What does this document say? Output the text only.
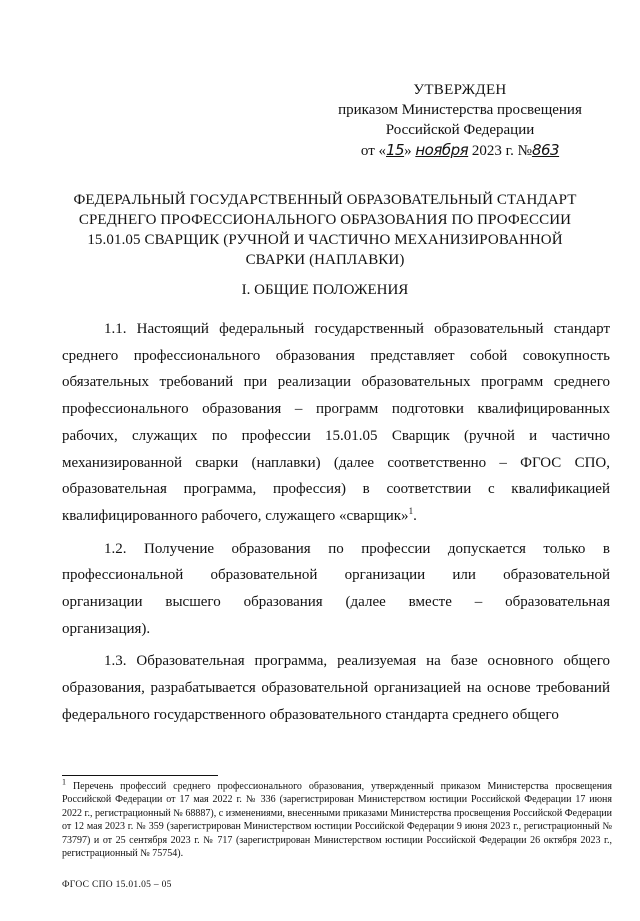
УТВЕРЖДЕН
приказом Министерства просвещения
Российской Федерации
от «15» ноября 2023 г. №863
ФЕДЕРАЛЬНЫЙ ГОСУДАРСТВЕННЫЙ ОБРАЗОВАТЕЛЬНЫЙ СТАНДАРТ СРЕДНЕГО ПРОФЕССИОНАЛЬНОГО ОБРАЗОВАНИЯ ПО ПРОФЕССИИ 15.01.05 СВАРЩИК (РУЧНОЙ И ЧАСТИЧНО МЕХАНИЗИРОВАННОЙ СВАРКИ (НАПЛАВКИ)
I. ОБЩИЕ ПОЛОЖЕНИЯ

1.1. Настоящий федеральный государственный образовательный стандарт среднего профессионального образования представляет собой совокупность обязательных требований при реализации образовательных программ среднего профессионального образования – программ подготовки квалифицированных рабочих, служащих по профессии 15.01.05 Сварщик (ручной и частично механизированной сварки (наплавки) (далее соответственно – ФГОС СПО, образовательная программа, профессия) в соответствии с квалификацией квалифицированного рабочего, служащего «сварщик»$^1$.

1.2. Получение образования по профессии допускается только в профессиональной образовательной организации или образовательной организации высшего образования (далее вместе – образовательная организация).

1.3. Образовательная программа, реализуемая на базе основного общего образования, разрабатывается образовательной организацией на основе требований федерального государственного образовательного стандарта среднего общего

$^1$ Перечень профессий среднего профессионального образования, утвержденный приказом Министерства просвещения Российской Федерации от 17 мая 2022 г. № 336 (зарегистрирован Министерством юстиции Российской Федерации 17 июня 2022 г., регистрационный № 68887), с изменениями, внесенными приказами Министерства просвещения Российской Федерации от 12 мая 2023 г. № 359 (зарегистрирован Министерством юстиции Российской Федерации 9 июня 2023 г., регистрационный № 73797) и от 25 сентября 2023 г. № 717 (зарегистрирован Министерством юстиции Российской Федерации 26 октября 2023 г., регистрационный № 75754).
ФГОС СПО 15.01.05 – 05
